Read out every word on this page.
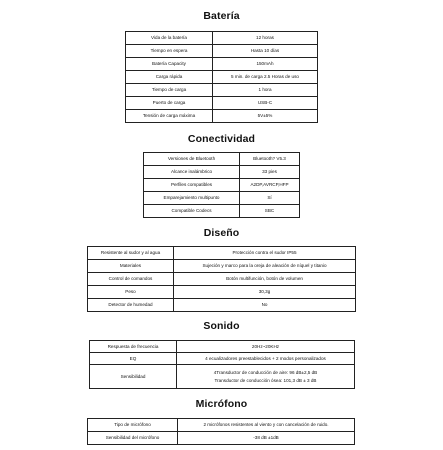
Batería
Vida de la batería	12 horas
Tiempo en espera	Hasta 10 días
Batería Capacity	150mAh
Carga rápida	5 min. de carga 2.5 Horas de uso
Tiempo de carga	1 hora
Puerto de carga	USB-C
Tensión de carga máxima	5V±5%
Conectividad
Versiones de Bluetooth	Bluetooth? V5.3
Alcance inalámbrico	33 pies
Perfiles compatibles	A2DP,AVRCP,HFP
Emparejamiento multipunto	Sí
Compatible Codecs	SBC
Diseño
Resistente al sudor y al agua	Protección contra el sudor IP55
Materiales	Sujeción y marco para la oreja de aleación de níquel y titanio
Control de comandos	Botón multifunción, botón de volumen
Peso	30,3g
Detector de humedad	No
Sonido
Respuesta de frecuencia	20Hz~20KHz
EQ	4 ecualizadores preestablecidos + 2 modos personalizados
Sensibilidad	4Transductor de conducción de aire: 96 dB±2,5 dB
Transductor de conducción ósea: 101,3 dB ± 3 dB
Micrófono
Tipo de micrófono	2 micrófonos resistentes al viento y con cancelación de ruido.
Sensibilidad del micrófono	-38 dB ±1dB
